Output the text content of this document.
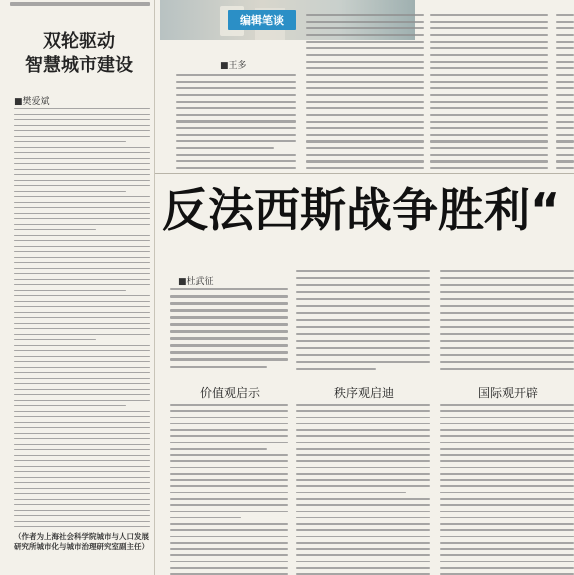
双轮驱动
智慧城市建设
■樊爱斌
（作者为上海社会科学院城市与人口发展研究所城市化与城市治理研究室副主任）
编辑笔谈
■王多
反法西斯战争胜利“
■杜武征
价值观启示	秩序观启迪	国际观开辟
